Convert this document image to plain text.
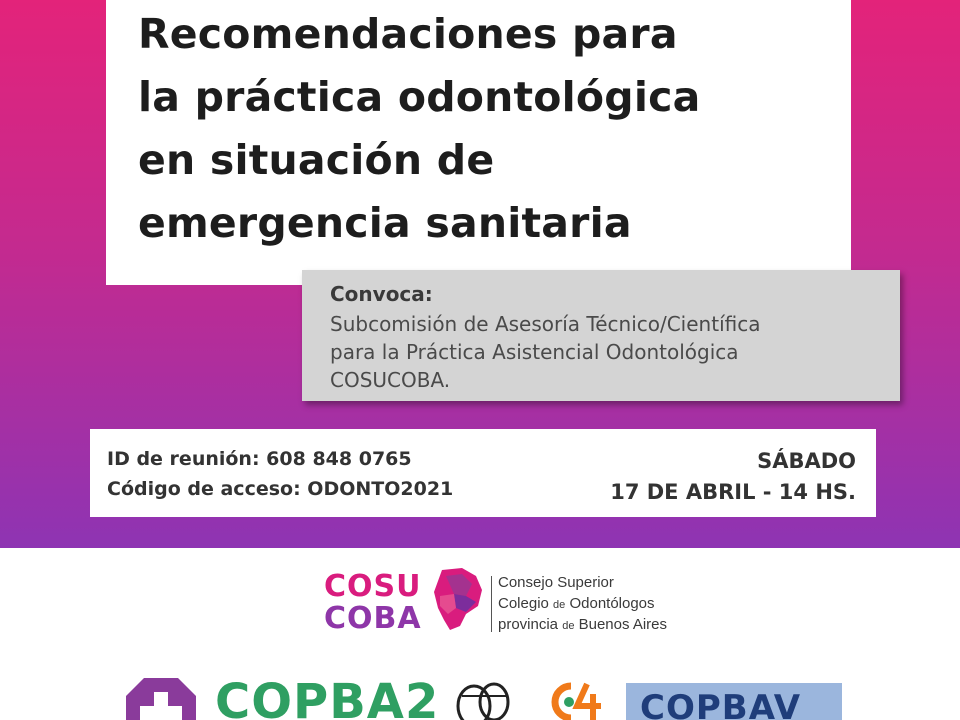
Recomendaciones para
la práctica odontológica
en situación de
emergencia sanitaria
Convoca:
Subcomisión de Asesoría Técnico/Científica
para la Práctica Asistencial Odontológica
COSUCOBA.
ID de reunión: 608 848 0765
Código de acceso: ODONTO2021
SÁBADO
17 DE ABRIL - 14 HS.
COSU
COBA
Consejo Superior
Colegio de Odontólogos
provincia de Buenos Aires
COPBA2	COPBAV
